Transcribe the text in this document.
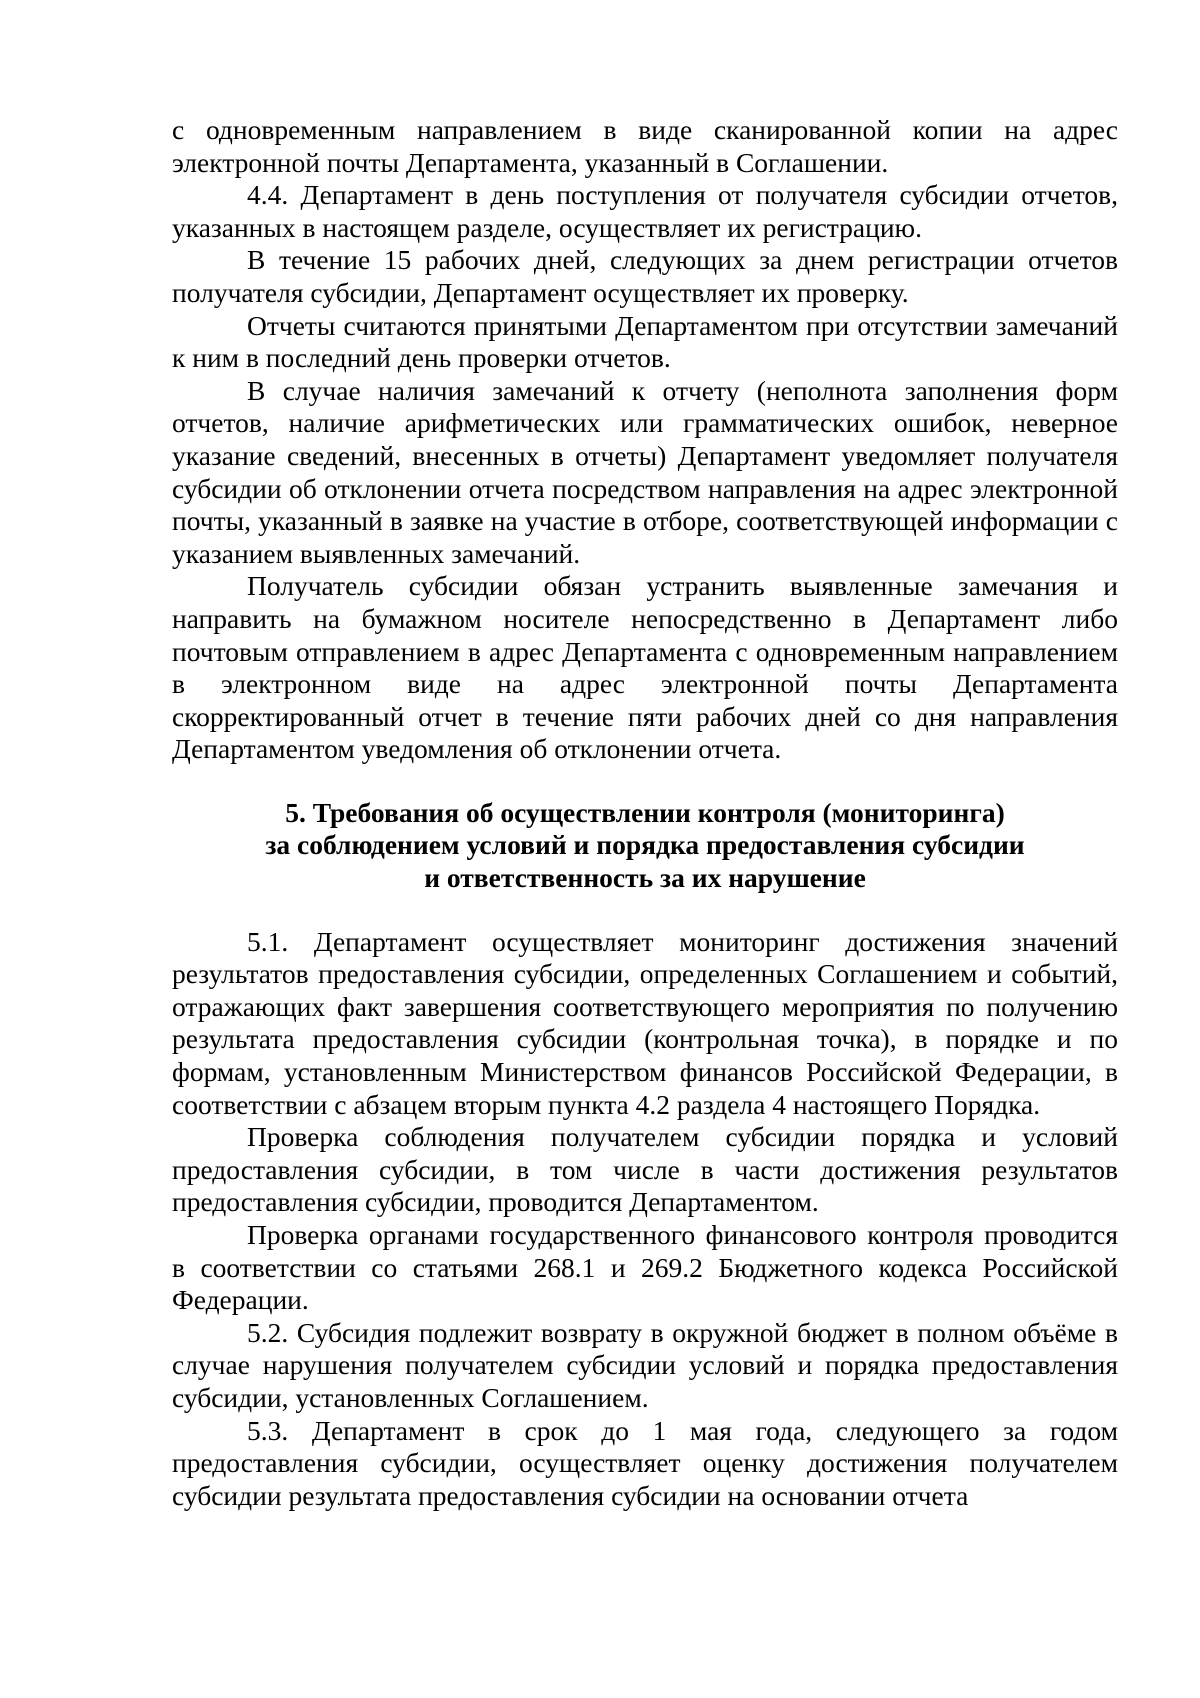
с одновременным направлением в виде сканированной копии на адрес электронной почты Департамента, указанный в Соглашении.

4.4. Департамент в день поступления от получателя субсидии отчетов, указанных в настоящем разделе, осуществляет их регистрацию.

В течение 15 рабочих дней, следующих за днем регистрации отчетов получателя субсидии, Департамент осуществляет их проверку.

Отчеты считаются принятыми Департаментом при отсутствии замечаний к ним в последний день проверки отчетов.

В случае наличия замечаний к отчету (неполнота заполнения форм отчетов, наличие арифметических или грамматических ошибок, неверное указание сведений, внесенных в отчеты) Департамент уведомляет получателя субсидии об отклонении отчета посредством направления на адрес электронной почты, указанный в заявке на участие в отборе, соответствующей информации с указанием выявленных замечаний.

Получатель субсидии обязан устранить выявленные замечания и направить на бумажном носителе непосредственно в Департамент либо почтовым отправлением в адрес Департамента с одновременным направлением в электронном виде на адрес электронной почты Департамента скорректированный отчет в течение пяти рабочих дней со дня направления Департаментом уведомления об отклонении отчета.

5. Требования об осуществлении контроля (мониторинга)
за соблюдением условий и порядка предоставления субсидии
и ответственность за их нарушение

5.1. Департамент осуществляет мониторинг достижения значений результатов предоставления субсидии, определенных Соглашением и событий, отражающих факт завершения соответствующего мероприятия по получению результата предоставления субсидии (контрольная точка), в порядке и по формам, установленным Министерством финансов Российской Федерации, в соответствии с абзацем вторым пункта 4.2 раздела 4 настоящего Порядка.

Проверка соблюдения получателем субсидии порядка и условий предоставления субсидии, в том числе в части достижения результатов предоставления субсидии, проводится Департаментом.

Проверка органами государственного финансового контроля проводится в соответствии со статьями 268.1 и 269.2 Бюджетного кодекса Российской Федерации.

5.2. Субсидия подлежит возврату в окружной бюджет в полном объёме в случае нарушения получателем субсидии условий и порядка предоставления субсидии, установленных Соглашением.

5.3. Департамент в срок до 1 мая года, следующего за годом предоставления субсидии, осуществляет оценку достижения получателем субсидии результата предоставления субсидии на основании отчета
